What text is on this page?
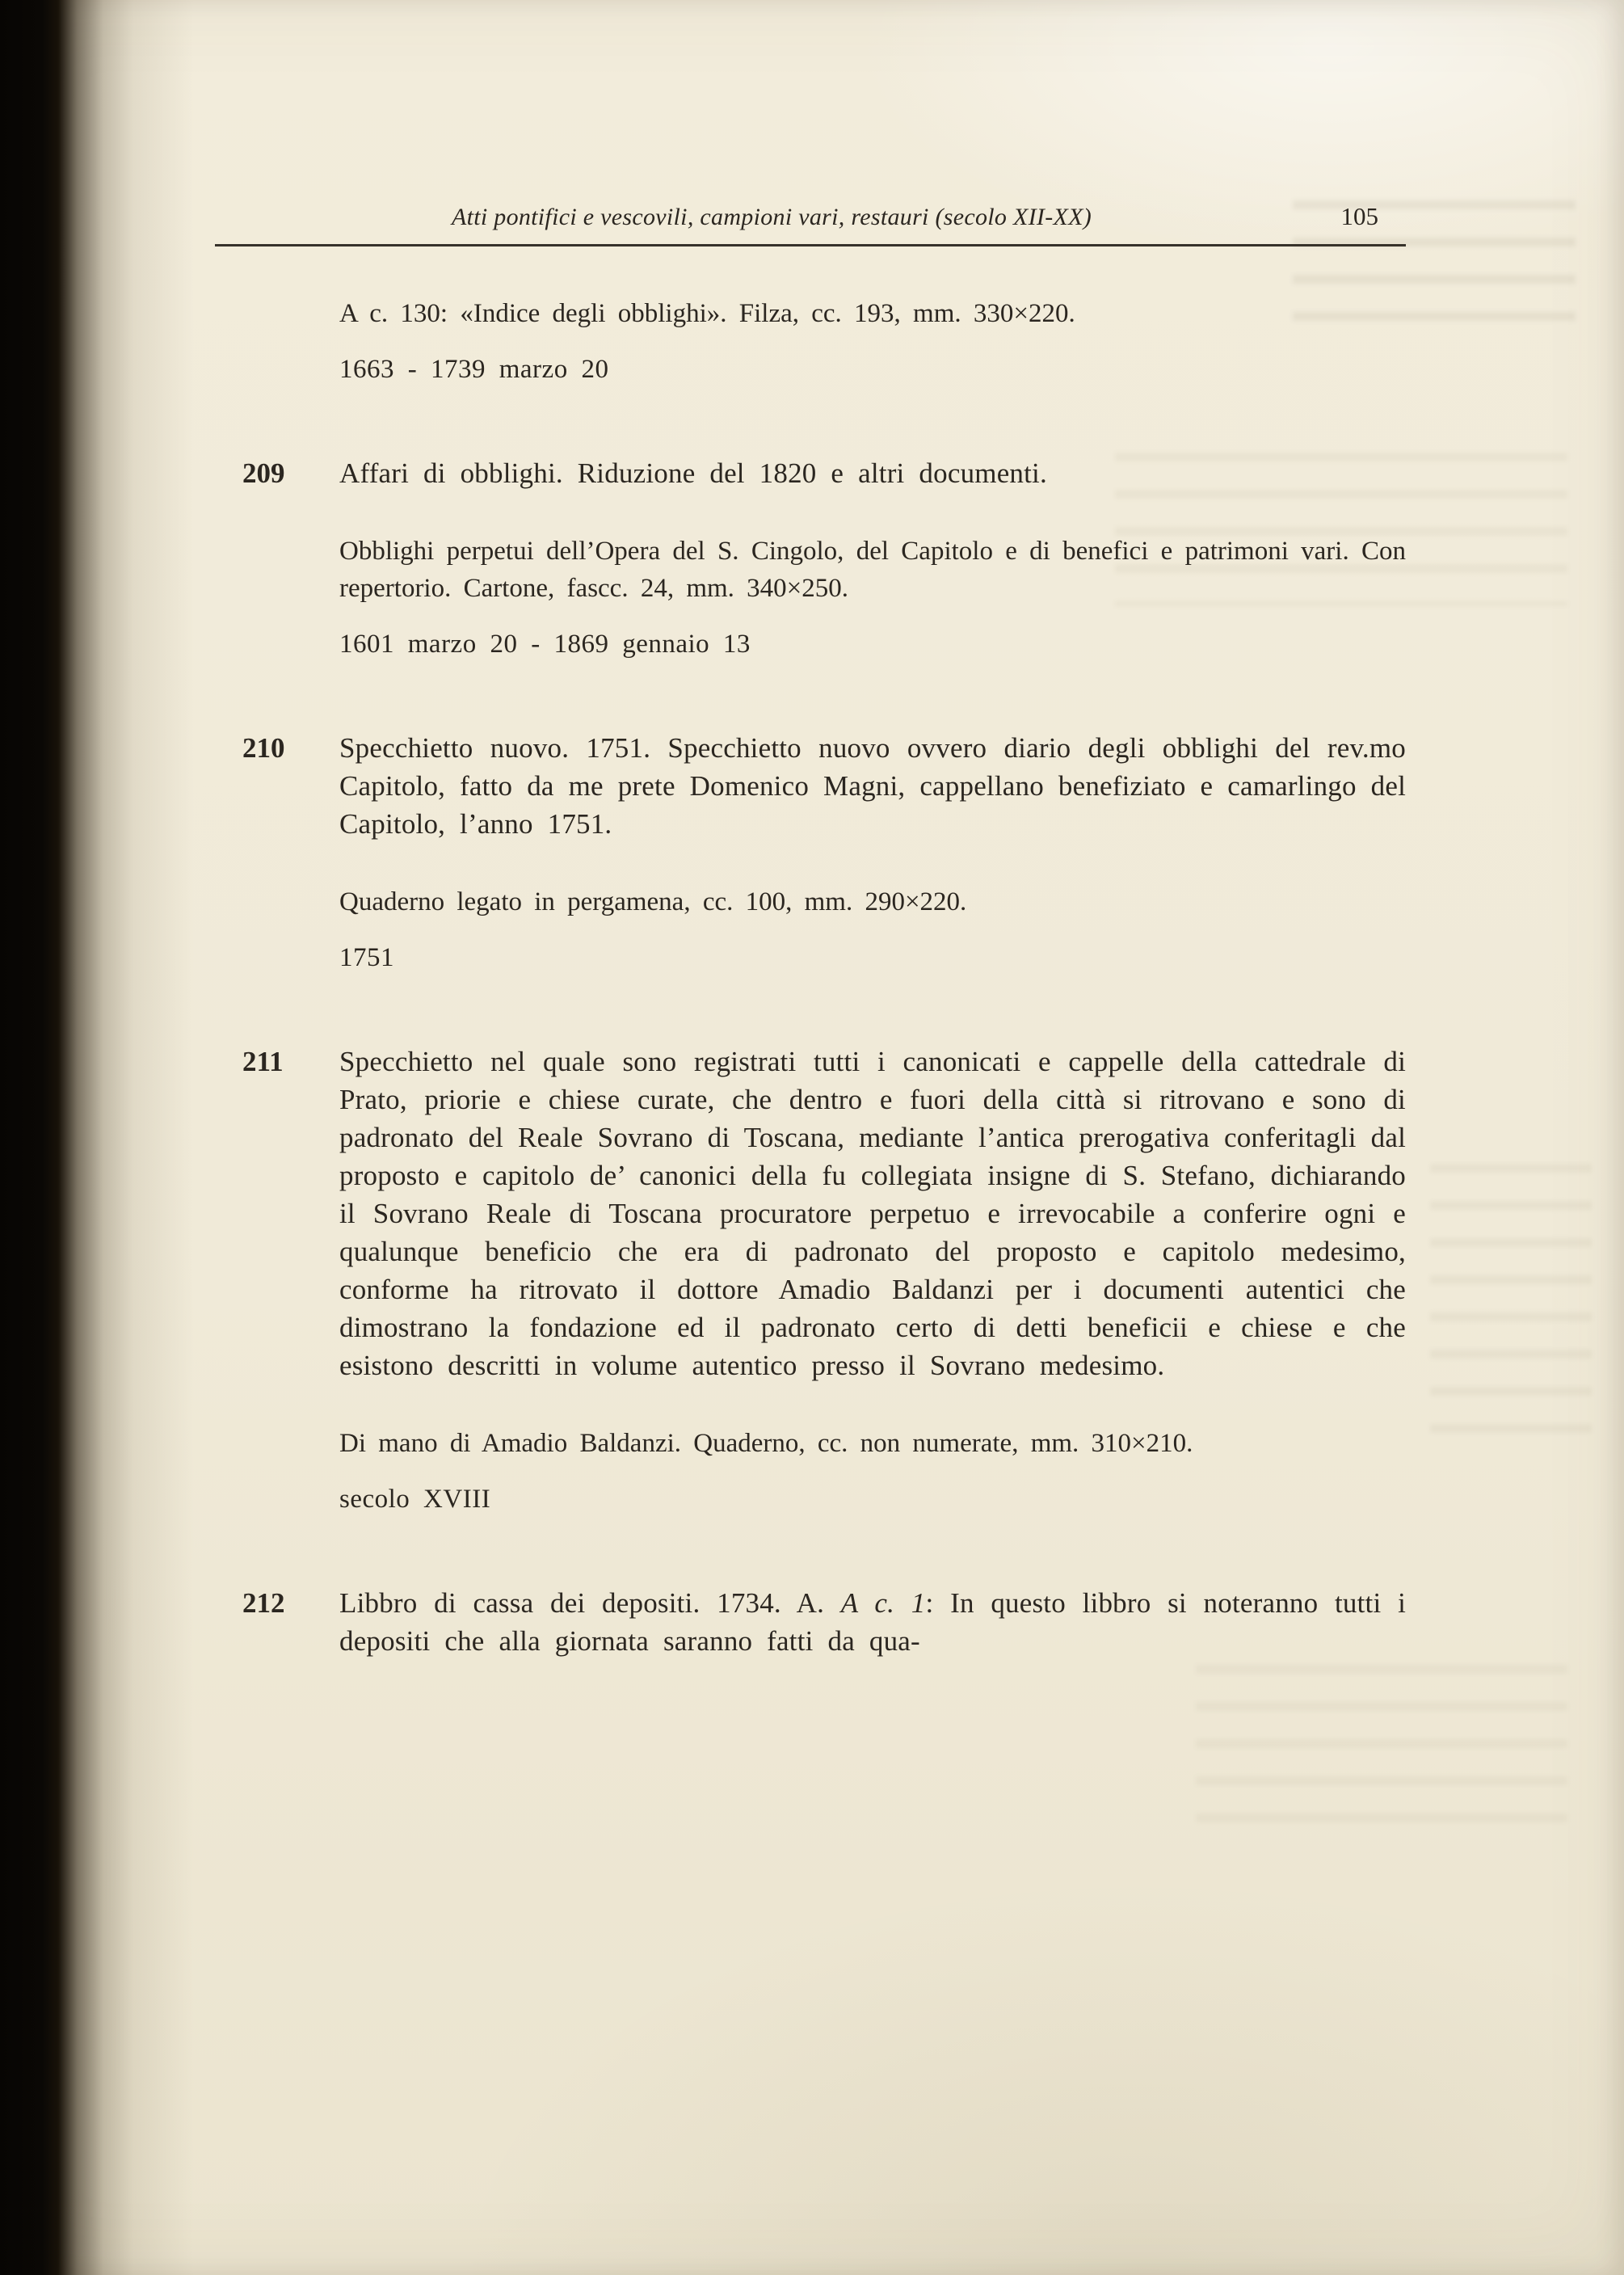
Atti pontifici e vescovili, campioni vari, restauri (secolo XII-XX)	105
A c. 130: «Indice degli obblighi». Filza, cc. 193, mm. 330×220.
1663 - 1739 marzo 20
209	Affari di obblighi. Riduzione del 1820 e altri documenti.
Obblighi perpetui dell’Opera del S. Cingolo, del Capitolo e di benefici e patrimoni vari. Con repertorio. Cartone, fascc. 24, mm. 340×250.
1601 marzo 20 - 1869 gennaio 13
210	Specchietto nuovo. 1751. Specchietto nuovo ovvero diario degli obblighi del rev.mo Capitolo, fatto da me prete Domenico Magni, cappellano benefiziato e camarlingo del Capitolo, l’anno 1751.
Quaderno legato in pergamena, cc. 100, mm. 290×220.
1751
211	Specchietto nel quale sono registrati tutti i canonicati e cappelle della cattedrale di Prato, priorie e chiese curate, che dentro e fuori della città si ritrovano e sono di padronato del Reale Sovrano di Toscana, mediante l’antica prerogativa conferitagli dal proposto e capitolo de’ canonici della fu collegiata insigne di S. Stefano, dichiarando il Sovrano Reale di Toscana procuratore perpetuo e irrevocabile a conferire ogni e qualunque beneficio che era di padronato del proposto e capitolo medesimo, conforme ha ritrovato il dottore Amadio Baldanzi per i documenti autentici che dimostrano la fondazione ed il padronato certo di detti beneficii e chiese e che esistono descritti in volume autentico presso il Sovrano medesimo.
Di mano di Amadio Baldanzi. Quaderno, cc. non numerate, mm. 310×210.
secolo XVIII
212	Libbro di cassa dei depositi. 1734. A. A c. 1: In questo libbro si noteranno tutti i depositi che alla giornata saranno fatti da qua-
